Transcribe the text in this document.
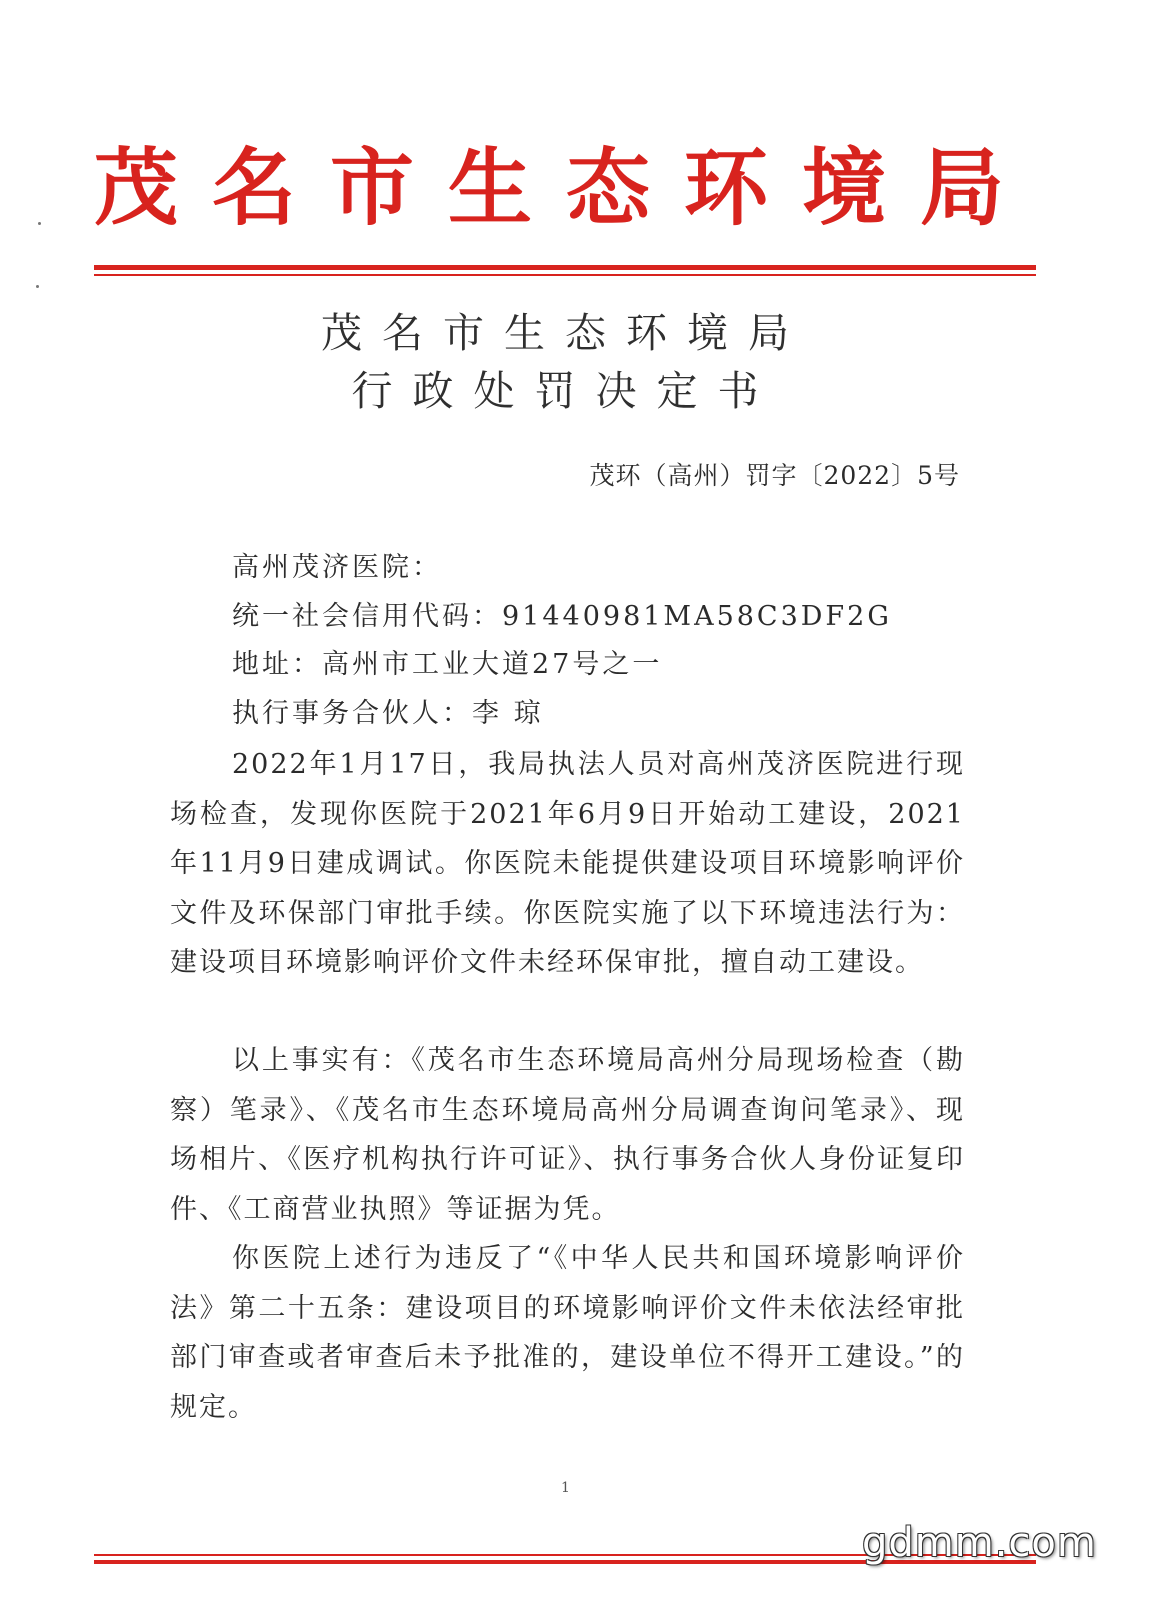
茂名市生态环境局
茂名市生态环境局
行政处罚决定书
茂环（高州）罚字〔2022〕5号
高州茂济医院：
统一社会信用代码：91440981MA58C3DF2G
地址：高州市工业大道27号之一
执行事务合伙人：李 琼
2022年1月17日，我局执法人员对高州茂济医院进行现场检查，发现你医院于2021年6月9日开始动工建设，2021年11月9日建成调试。你医院未能提供建设项目环境影响评价文件及环保部门审批手续。你医院实施了以下环境违法行为：建设项目环境影响评价文件未经环保审批，擅自动工建设。
以上事实有：《茂名市生态环境局高州分局现场检查（勘察）笔录》、《茂名市生态环境局高州分局调查询问笔录》、现场相片、《医疗机构执行许可证》、执行事务合伙人身份证复印件、《工商营业执照》等证据为凭。
你医院上述行为违反了“《中华人民共和国环境影响评价法》第二十五条：建设项目的环境影响评价文件未依法经审批部门审查或者审查后未予批准的，建设单位不得开工建设。”的规定。
1
gdmm.com
